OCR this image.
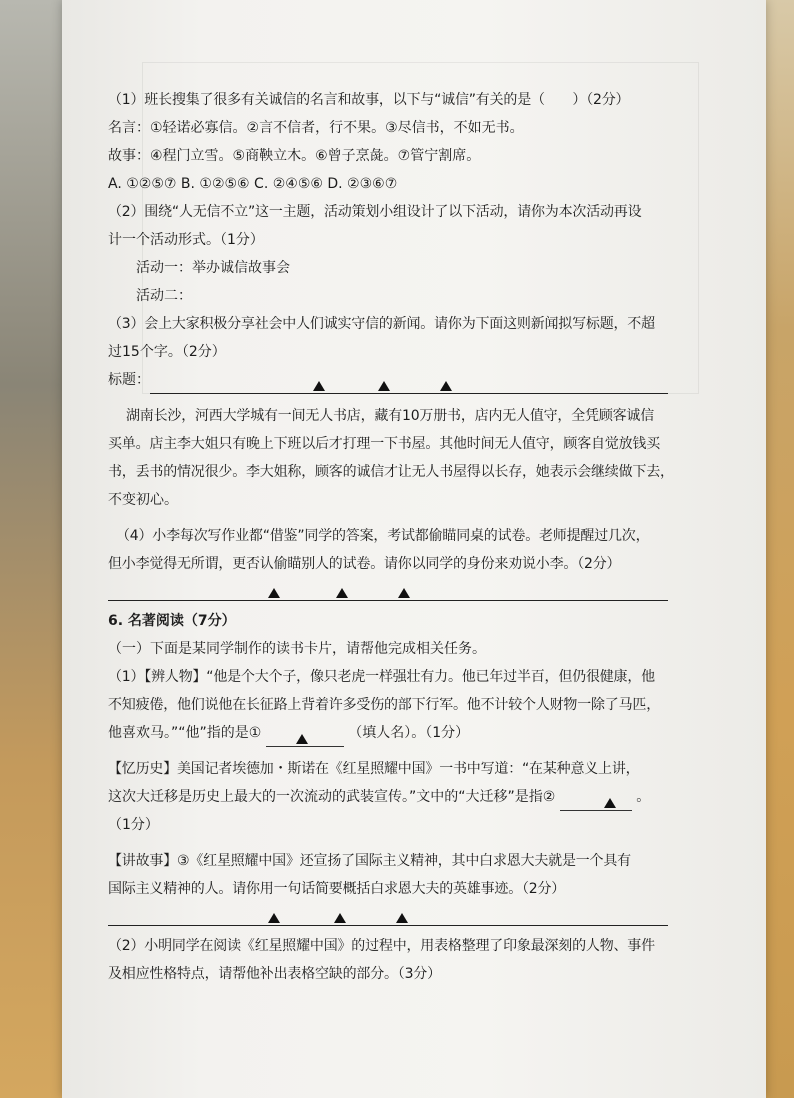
（1）班长搜集了很多有关诚信的名言和故事，以下与“诚信”有关的是（　　）（2分）
名言：①轻诺必寡信。②言不信者，行不果。③尽信书，不如无书。
故事：④程门立雪。⑤商鞅立木。⑥曾子烹彘。⑦管宁割席。
A. ①②⑤⑦ B. ①②⑤⑥ C. ②④⑤⑥ D. ②③⑥⑦
（2）围绕“人无信不立”这一主题，活动策划小组设计了以下活动，请你为本次活动再设
计一个活动形式。（1分）
活动一：举办诚信故事会
活动二：
（3）会上大家积极分享社会中人们诚实守信的新闻。请你为下面这则新闻拟写标题，不超
过15个字。（2分）
标题：
湖南长沙，河西大学城有一间无人书店，藏有10万册书，店内无人值守，全凭顾客诚信
买单。店主李大姐只有晚上下班以后才打理一下书屋。其他时间无人值守，顾客自觉放钱买
书，丢书的情况很少。李大姐称，顾客的诚信才让无人书屋得以长存，她表示会继续做下去，
不变初心。
（4）小李每次写作业都“借鉴”同学的答案，考试都偷瞄同桌的试卷。老师提醒过几次，
但小李觉得无所谓，更否认偷瞄别人的试卷。请你以同学的身份来劝说小李。（2分）
6. 名著阅读（7分）
（一）下面是某同学制作的读书卡片，请帮他完成相关任务。
（1）【辨人物】“他是个大个子，像只老虎一样强壮有力。他已年过半百，但仍很健康，他
不知疲倦，他们说他在长征路上背着许多受伤的部下行军。他不计较个人财物一除了马匹，
他喜欢马。”“他”指的是①	（填人名）。（1分）
【忆历史】美国记者埃德加・斯诺在《红星照耀中国》一书中写道：“在某种意义上讲，
这次大迁移是历史上最大的一次流动的武装宣传。”文中的“大迁移”是指②	。
（1分）
【讲故事】③《红星照耀中国》还宣扬了国际主义精神，其中白求恩大夫就是一个具有
国际主义精神的人。请你用一句话简要概括白求恩大夫的英雄事迹。（2分）
（2）小明同学在阅读《红星照耀中国》的过程中，用表格整理了印象最深刻的人物、事件
及相应性格特点，请帮他补出表格空缺的部分。（3分）
